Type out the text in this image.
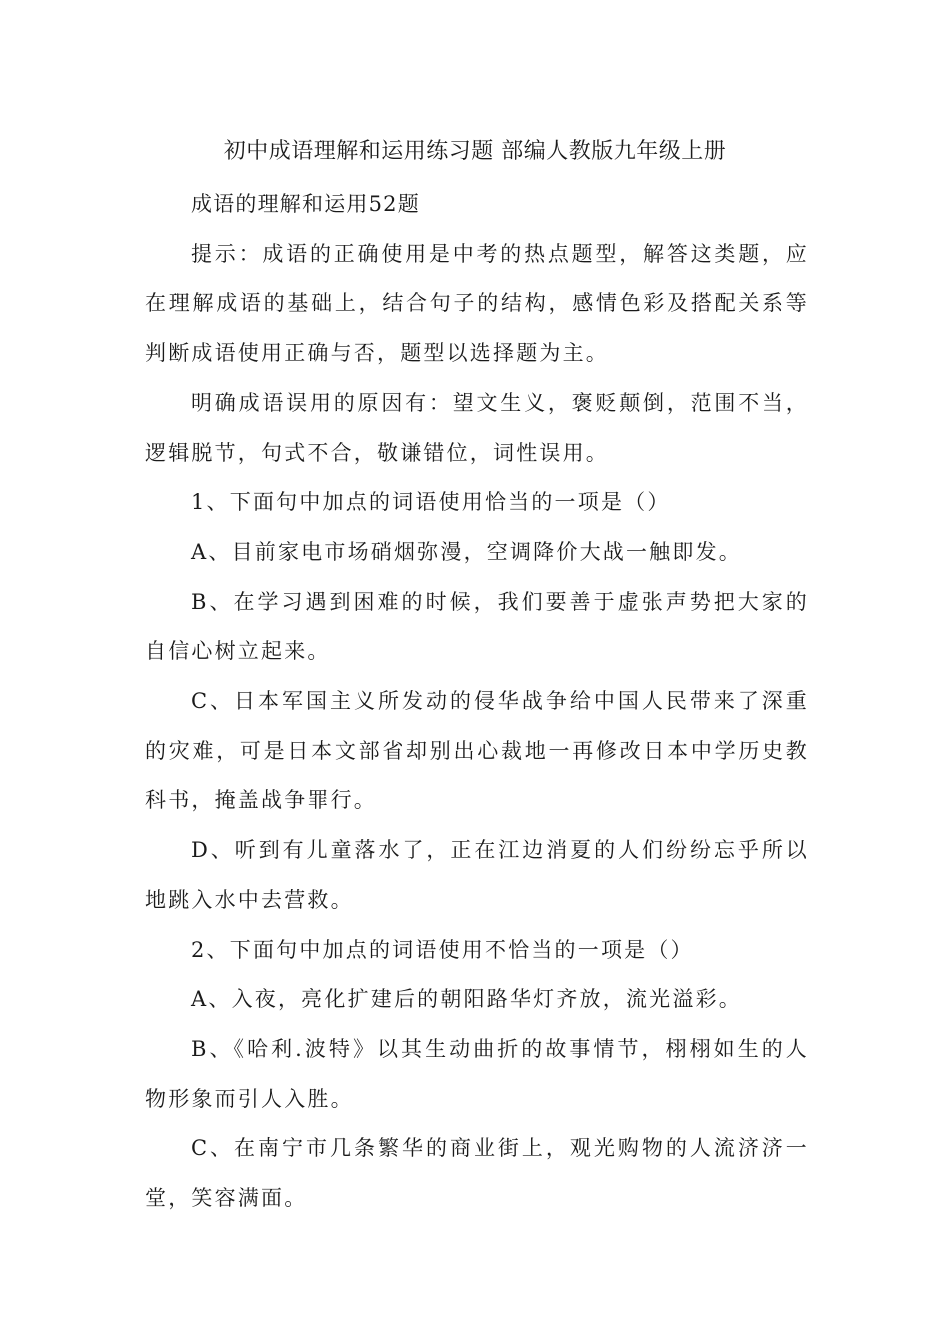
初中成语理解和运用练习题 部编人教版九年级上册

成语的理解和运用52题

提示：成语的正确使用是中考的热点题型，解答这类题，应在理解成语的基础上，结合句子的结构，感情色彩及搭配关系等判断成语使用正确与否，题型以选择题为主。

明确成语误用的原因有：望文生义，褒贬颠倒，范围不当，逻辑脱节，句式不合，敬谦错位，词性误用。

1、下面句中加点的词语使用恰当的一项是（）

A、目前家电市场硝烟弥漫，空调降价大战一触即发。

B、在学习遇到困难的时候，我们要善于虚张声势把大家的自信心树立起来。

C、日本军国主义所发动的侵华战争给中国人民带来了深重的灾难，可是日本文部省却别出心裁地一再修改日本中学历史教科书，掩盖战争罪行。

D、听到有儿童落水了，正在江边消夏的人们纷纷忘乎所以地跳入水中去营救。

2、下面句中加点的词语使用不恰当的一项是（）

A、入夜，亮化扩建后的朝阳路华灯齐放，流光溢彩。

B、《哈利.波特》以其生动曲折的故事情节，栩栩如生的人物形象而引人入胜。

C、在南宁市几条繁华的商业街上，观光购物的人流济济一堂，笑容满面。
